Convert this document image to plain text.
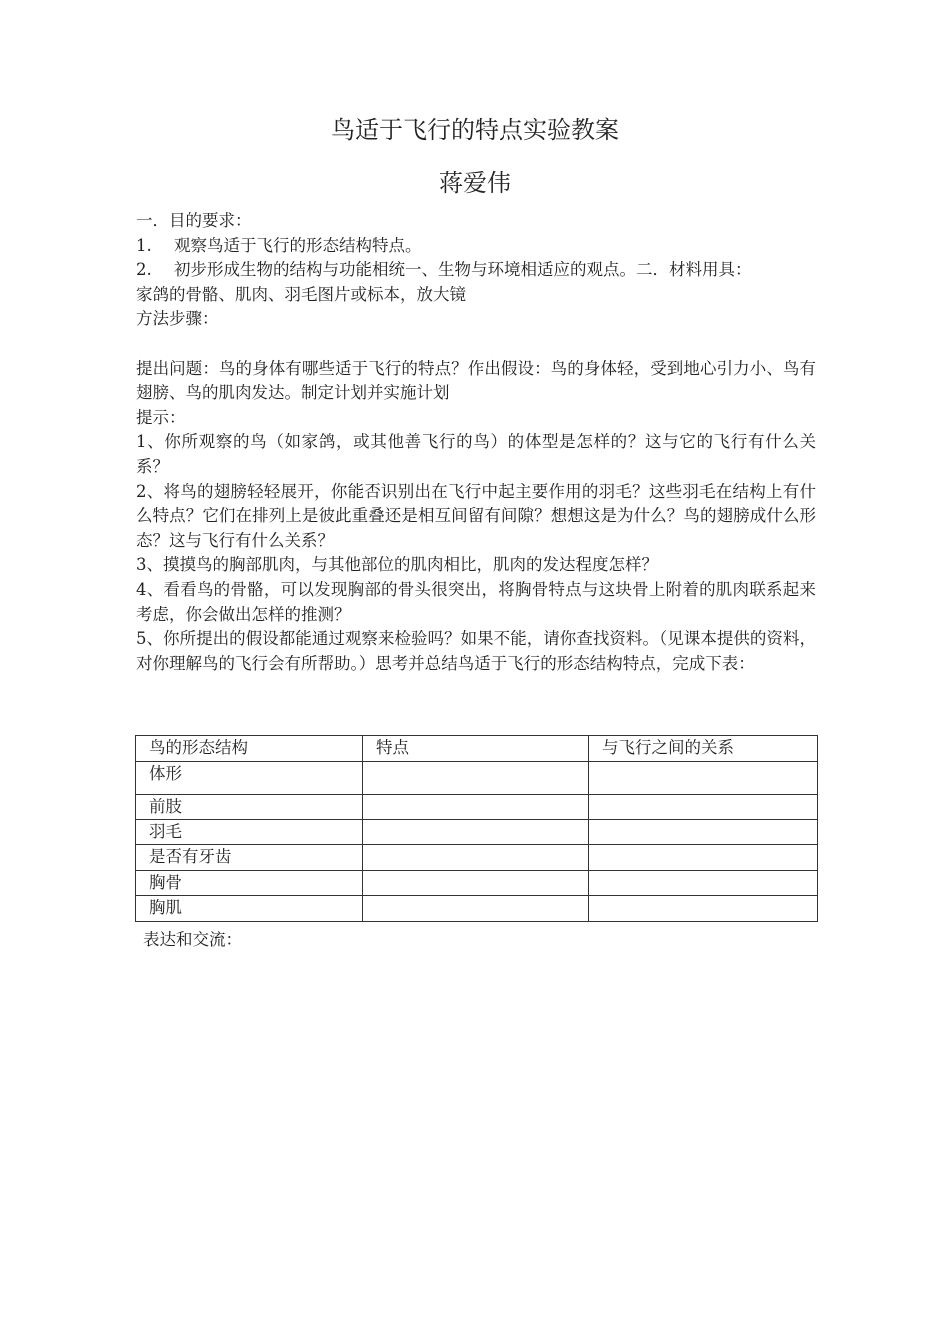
鸟适于飞行的特点实验教案
蒋爱伟

一．目的要求：

1. 观察鸟适于飞行的形态结构特点。

2. 初步形成生物的结构与功能相统一、生物与环境相适应的观点。二．材料用具：

家鸽的骨骼、肌肉、羽毛图片或标本，放大镜

方法步骤：

提出问题：鸟的身体有哪些适于飞行的特点？作出假设：鸟的身体轻，受到地心引力小、鸟有翅膀、鸟的肌肉发达。制定计划并实施计划

提示：

1、你所观察的鸟（如家鸽，或其他善飞行的鸟）的体型是怎样的？这与它的飞行有什么关系？

2、将鸟的翅膀轻轻展开，你能否识别出在飞行中起主要作用的羽毛？这些羽毛在结构上有什么特点？它们在排列上是彼此重叠还是相互间留有间隙？想想这是为什么？鸟的翅膀成什么形态？这与飞行有什么关系？

3、摸摸鸟的胸部肌肉，与其他部位的肌肉相比，肌肉的发达程度怎样？

4、看看鸟的骨骼，可以发现胸部的骨头很突出，将胸骨特点与这块骨上附着的肌肉联系起来考虑，你会做出怎样的推测？

5、你所提出的假设都能通过观察来检验吗？如果不能，请你查找资料。（见课本提供的资料，对你理解鸟的飞行会有所帮助。）思考并总结鸟适于飞行的形态结构特点，完成下表：

鸟的形态结构	特点	与飞行之间的关系
体形		
前肢		
羽毛		
是否有牙齿		
胸骨		
胸肌		
表达和交流：
